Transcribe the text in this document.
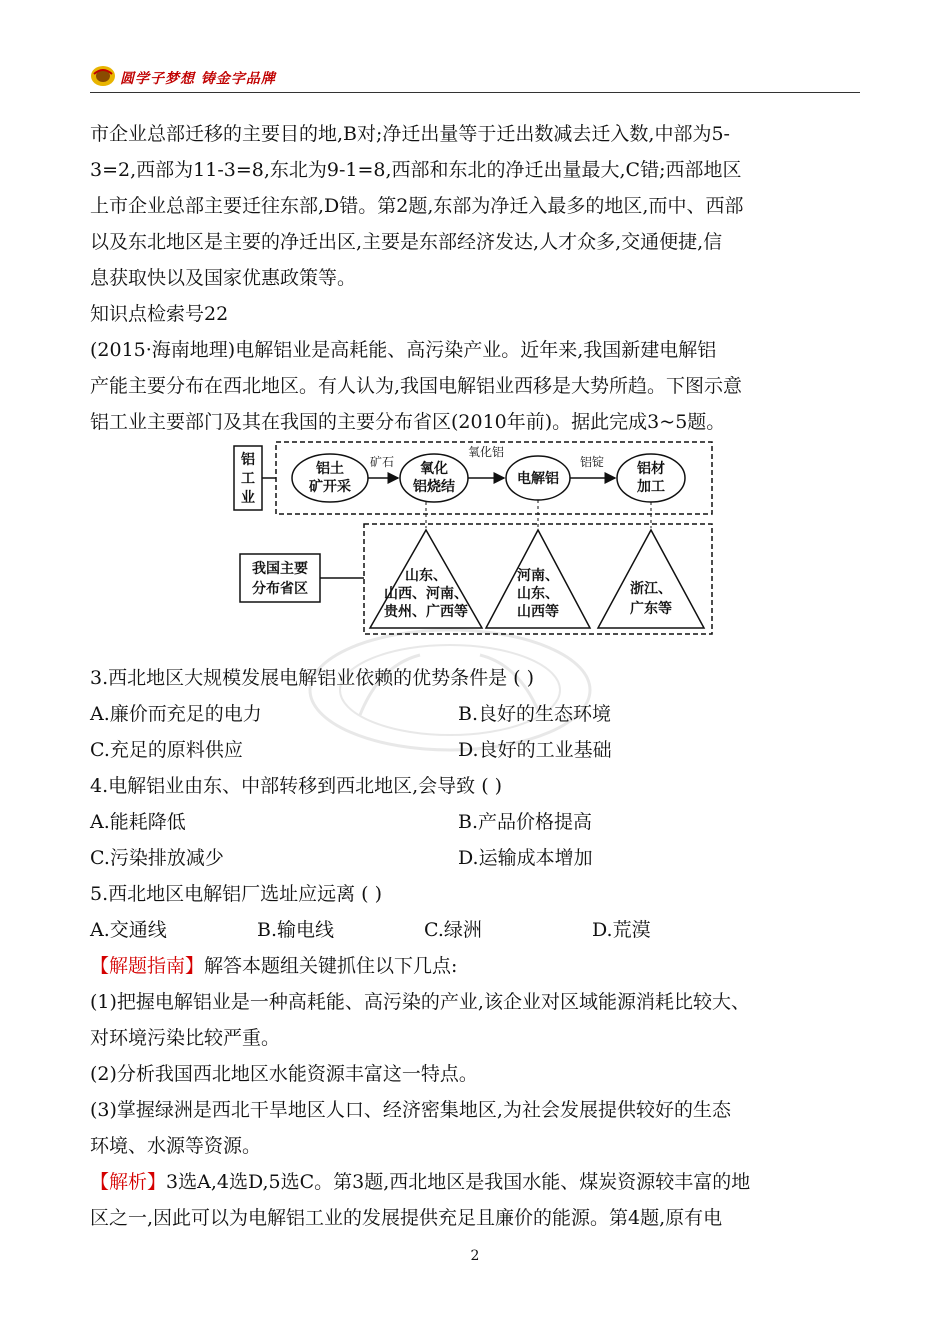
圆学子梦想 铸金字品牌
市企业总部迁移的主要目的地,B对;净迁出量等于迁出数减去迁入数,中部为5-
3=2,西部为11-3=8,东北为9-1=8,西部和东北的净迁出量最大,C错;西部地区
上市企业总部主要迁往东部,D错。第2题,东部为净迁入最多的地区,而中、西部
以及东北地区是主要的净迁出区,主要是东部经济发达,人才众多,交通便捷,信
息获取快以及国家优惠政策等。
知识点检索号22
(2015·海南地理)电解铝业是高耗能、高污染产业。近年来,我国新建电解铝
产能主要分布在西北地区。有人认为,我国电解铝业西移是大势所趋。下图示意
铝工业主要部门及其在我国的主要分布省区(2010年前)。据此完成3~5题。
铝
工
业
铝土
矿开采
氧化
铝烧结	电解铝
铝材
加工
矿石
氧化铝
铝锭
我国主要
分布省区
山东、
山西、河南、
贵州、广西等
河南、
山东、
山西等
浙江、
广东等
3.西北地区大规模发展电解铝业依赖的优势条件是 ( )
A.廉价而充足的电力	B.良好的生态环境
C.充足的原料供应	D.良好的工业基础
4.电解铝业由东、中部转移到西北地区,会导致 ( )
A.能耗降低	B.产品价格提高
C.污染排放减少	D.运输成本增加
5.西北地区电解铝厂选址应远离 ( )
A.交通线	B.输电线	C.绿洲	D.荒漠
【解题指南】解答本题组关键抓住以下几点:
(1)把握电解铝业是一种高耗能、高污染的产业,该企业对区域能源消耗比较大、
对环境污染比较严重。
(2)分析我国西北地区水能资源丰富这一特点。
(3)掌握绿洲是西北干旱地区人口、经济密集地区,为社会发展提供较好的生态
环境、水源等资源。
【解析】3选A,4选D,5选C。第3题,西北地区是我国水能、煤炭资源较丰富的地
区之一,因此可以为电解铝工业的发展提供充足且廉价的能源。第4题,原有电
2
